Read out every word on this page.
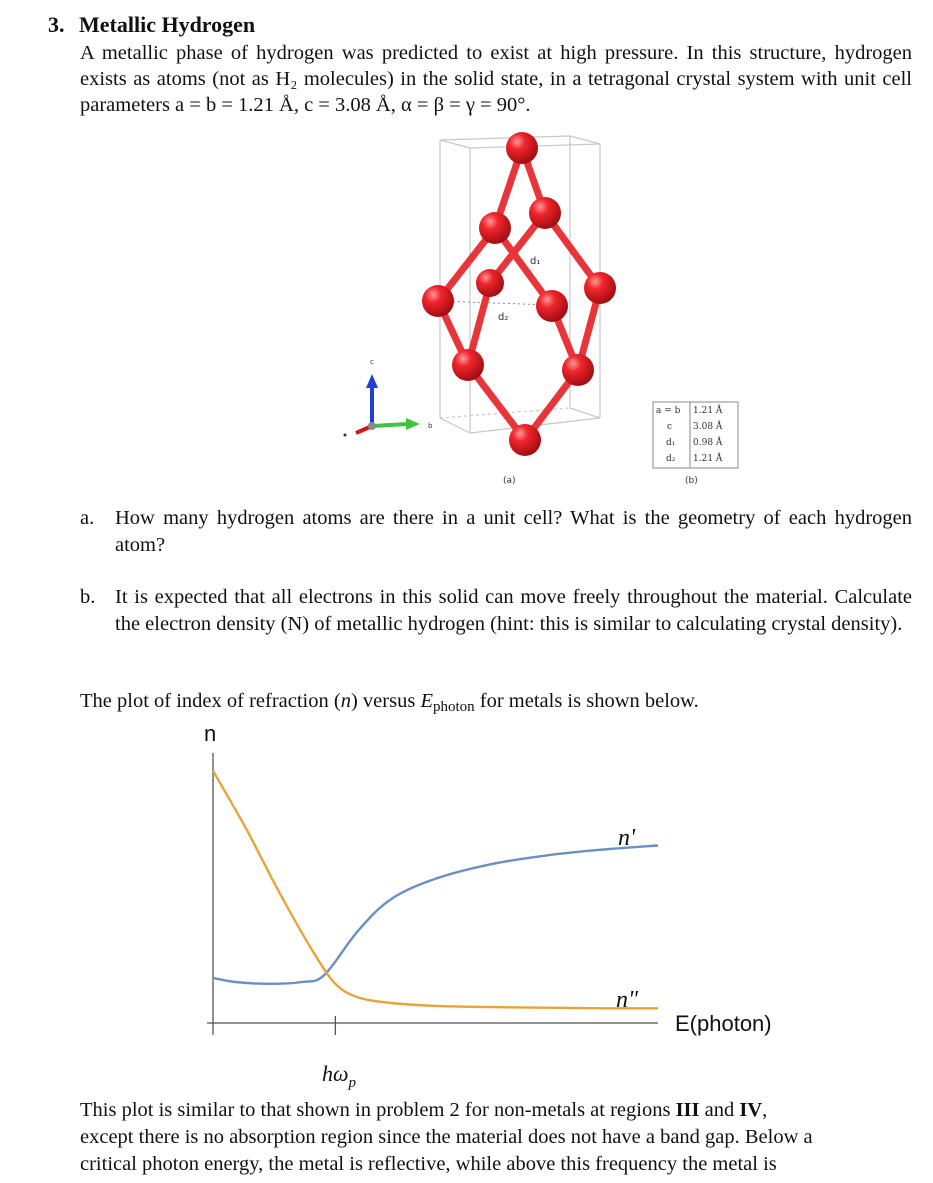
3. Metallic Hydrogen
A metallic phase of hydrogen was predicted to exist at high pressure. In this structure, hydrogen exists as atoms (not as H₂ molecules) in the solid state, in a tetragonal crystal system with unit cell parameters a = b = 1.21 Å, c = 3.08 Å, α = β = γ = 90°.
d₁
d₂
c
b
(a)	(b)
a = b 1.21 Å
c 3.08 Å
d₁ 0.98 Å
d₂ 1.21 Å
a. How many hydrogen atoms are there in a unit cell? What is the geometry of each hydrogen atom?
b. It is expected that all electrons in this solid can move freely throughout the material. Calculate the electron density (N) of metallic hydrogen (hint: this is similar to calculating crystal density).
The plot of index of refraction (n) versus Ephoton for metals is shown below.
n
E(photon)
$h\omega_p$
n'
n"
This plot is similar to that shown in problem 2 for non-metals at regions III and IV,
except there is no absorption region since the material does not have a band gap. Below a
critical photon energy, the metal is reflective, while above this frequency the metal is
